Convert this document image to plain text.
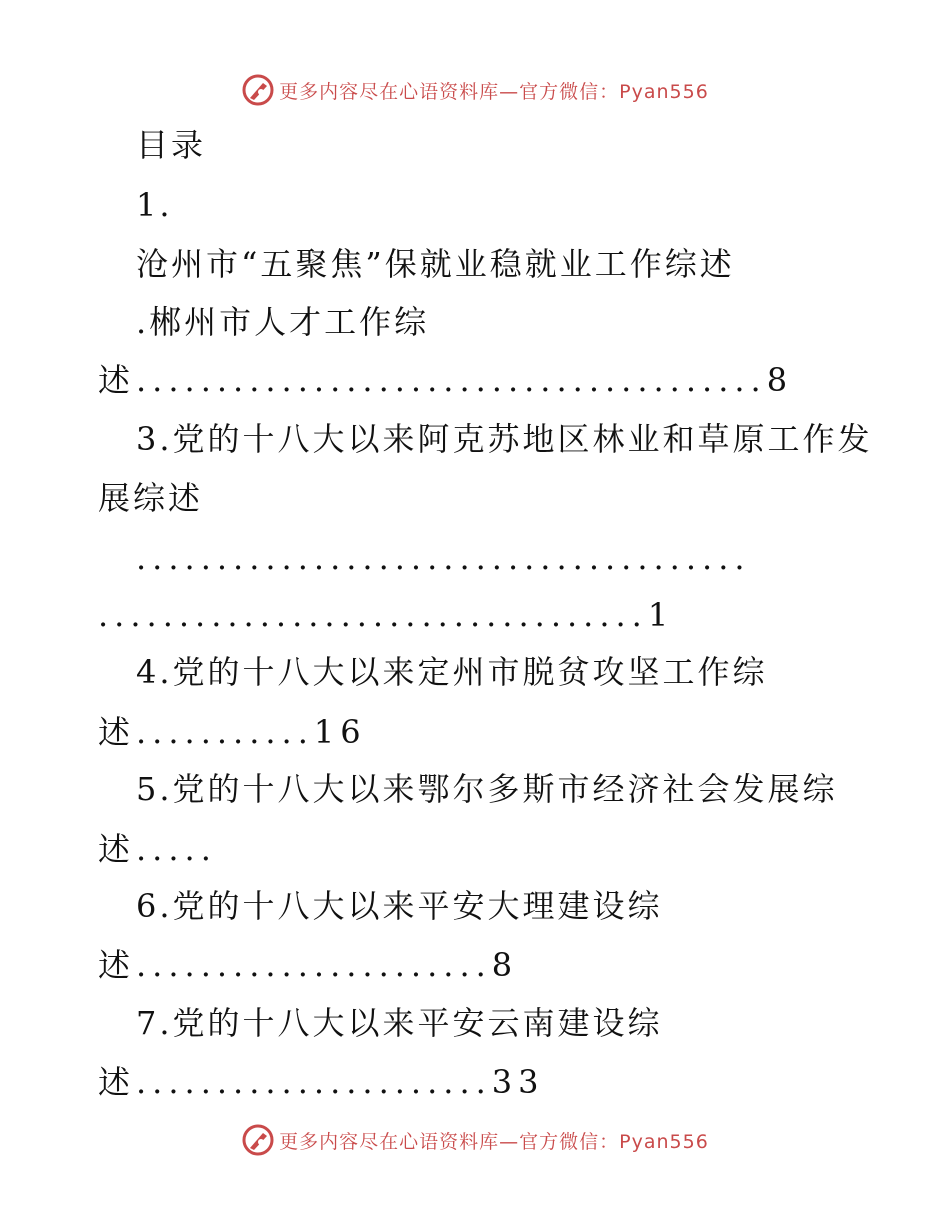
更多内容尽在心语资料库—官方微信：Pyan556
目录
1.
沧州市“五聚焦”保就业稳就业工作综述
.郴州市人才工作综
述.......................................8
3.党的十八大以来阿克苏地区林业和草原工作发
展综述
......................................
..................................1
4.党的十八大以来定州市脱贫攻坚工作综
述...........16
5.党的十八大以来鄂尔多斯市经济社会发展综
述.....
6.党的十八大以来平安大理建设综
述......................8
7.党的十八大以来平安云南建设综
述......................33
更多内容尽在心语资料库—官方微信：Pyan556
